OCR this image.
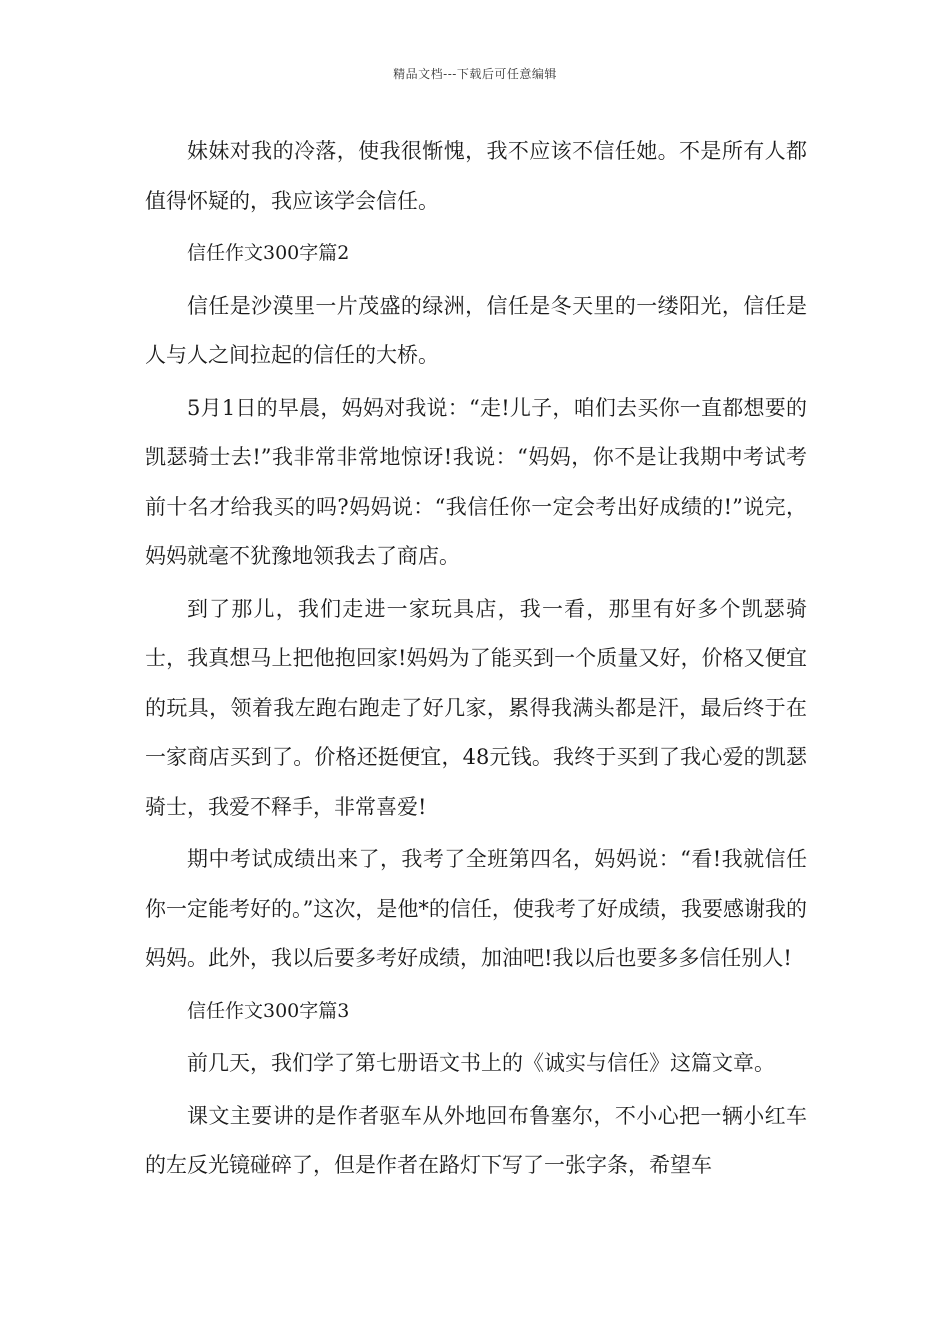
精品文档---下载后可任意编辑

妹妹对我的冷落，使我很惭愧，我不应该不信任她。不是所有人都值得怀疑的，我应该学会信任。

信任作文300字篇2

信任是沙漠里一片茂盛的绿洲，信任是冬天里的一缕阳光，信任是人与人之间拉起的信任的大桥。

5月1日的早晨，妈妈对我说：“走!儿子，咱们去买你一直都想要的凯瑟骑士去!”我非常非常地惊讶!我说：“妈妈，你不是让我期中考试考前十名才给我买的吗?妈妈说：“我信任你一定会考出好成绩的!”说完，妈妈就毫不犹豫地领我去了商店。

到了那儿，我们走进一家玩具店，我一看，那里有好多个凯瑟骑士，我真想马上把他抱回家!妈妈为了能买到一个质量又好，价格又便宜的玩具，领着我左跑右跑走了好几家，累得我满头都是汗，最后终于在一家商店买到了。价格还挺便宜，48元钱。我终于买到了我心爱的凯瑟骑士，我爱不释手，非常喜爱!

期中考试成绩出来了，我考了全班第四名，妈妈说：“看!我就信任你一定能考好的。”这次，是他*的信任，使我考了好成绩，我要感谢我的妈妈。此外，我以后要多考好成绩，加油吧!我以后也要多多信任别人!

信任作文300字篇3

前几天，我们学了第七册语文书上的《诚实与信任》这篇文章。

课文主要讲的是作者驱车从外地回布鲁塞尔，不小心把一辆小红车的左反光镜碰碎了，但是作者在路灯下写了一张字条，希望车
